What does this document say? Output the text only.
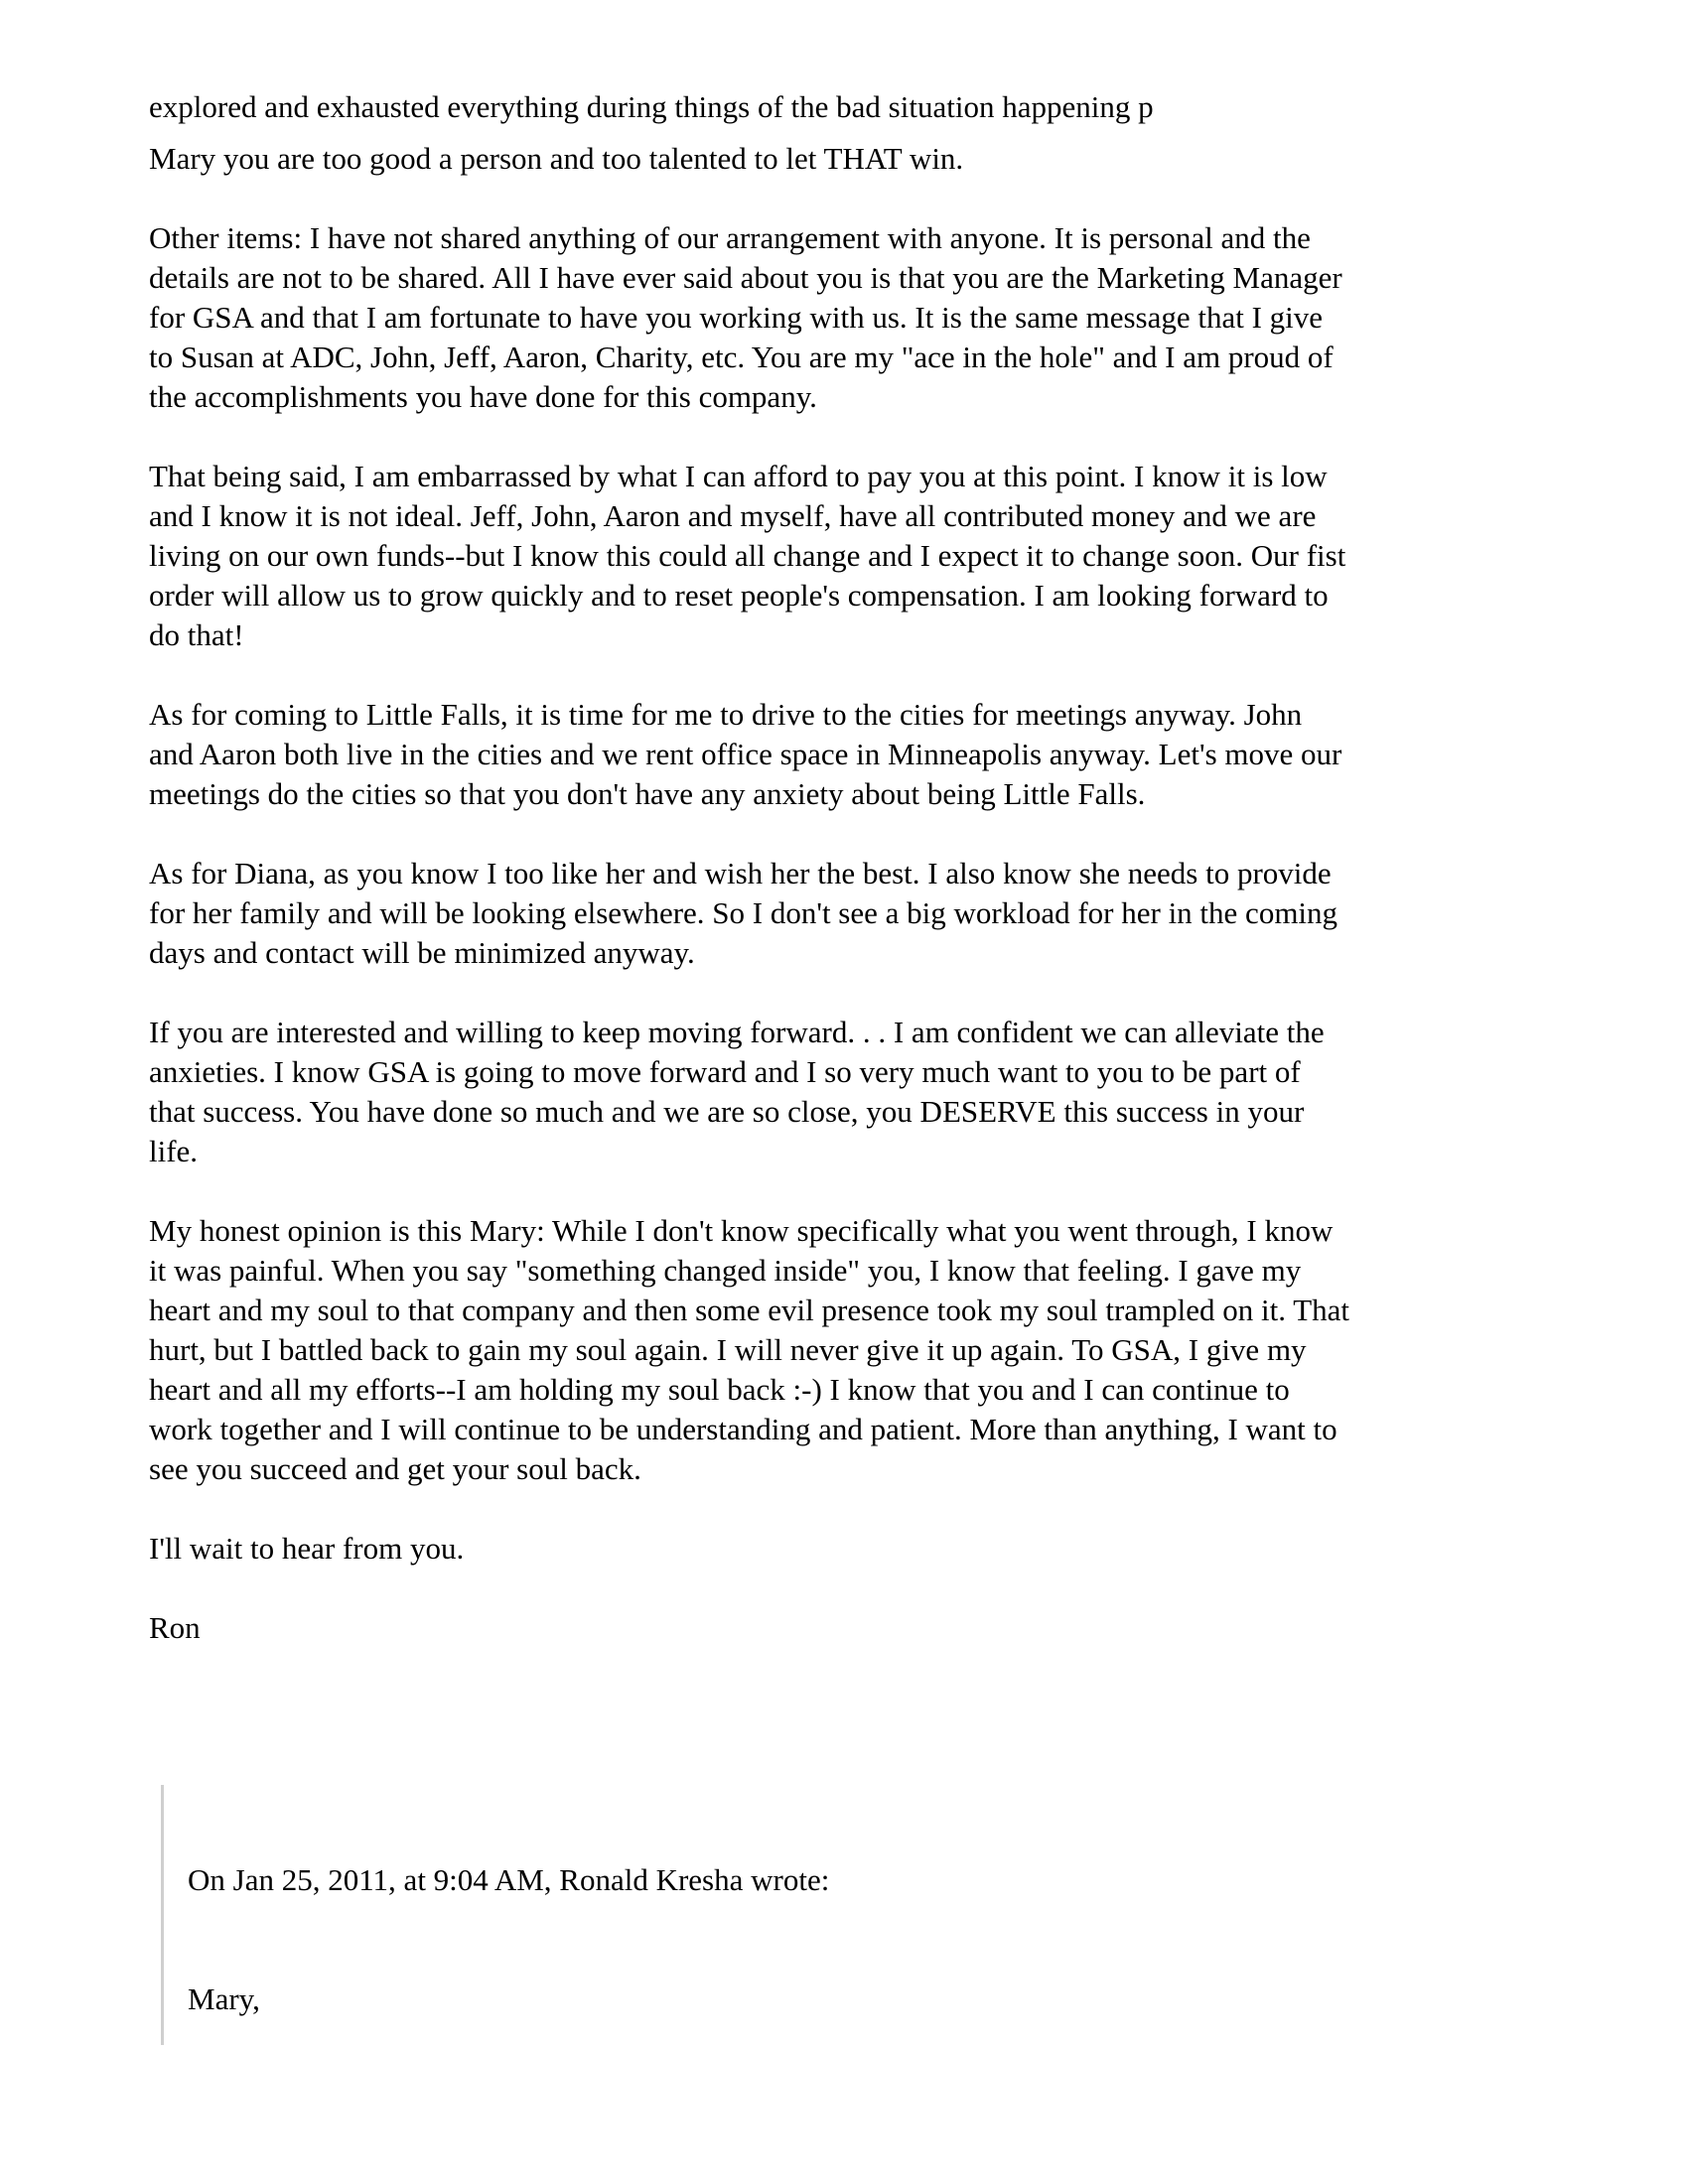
explored and exhausted everything during things of the bad situation happening p

Mary you are too good a person and too talented to let THAT win.

Other items: I have not shared anything of our arrangement with anyone. It is personal and the
details are not to be shared. All I have ever said about you is that you are the Marketing Manager
for GSA and that I am fortunate to have you working with us. It is the same message that I give
to Susan at ADC, John, Jeff, Aaron, Charity, etc. You are my "ace in the hole" and I am proud of
the accomplishments you have done for this company.

That being said, I am embarrassed by what I can afford to pay you at this point. I know it is low
and I know it is not ideal. Jeff, John, Aaron and myself, have all contributed money and we are
living on our own funds--but I know this could all change and I expect it to change soon. Our fist
order will allow us to grow quickly and to reset people's compensation. I am looking forward to
do that!

As for coming to Little Falls, it is time for me to drive to the cities for meetings anyway. John
and Aaron both live in the cities and we rent office space in Minneapolis anyway. Let's move our
meetings do the cities so that you don't have any anxiety about being Little Falls.

As for Diana, as you know I too like her and wish her the best. I also know she needs to provide
for her family and will be looking elsewhere. So I don't see a big workload for her in the coming
days and contact will be minimized anyway.

If you are interested and willing to keep moving forward. . . I am confident we can alleviate the
anxieties. I know GSA is going to move forward and I so very much want to you to be part of
that success. You have done so much and we are so close, you DESERVE this success in your
life.

My honest opinion is this Mary: While I don't know specifically what you went through, I know
it was painful. When you say "something changed inside" you, I know that feeling. I gave my
heart and my soul to that company and then some evil presence took my soul trampled on it. That
hurt, but I battled back to gain my soul again. I will never give it up again. To GSA, I give my
heart and all my efforts--I am holding my soul back :-) I know that you and I can continue to
work together and I will continue to be understanding and patient. More than anything, I want to
see you succeed and get your soul back.

I'll wait to hear from you.

Ron

On Jan 25, 2011, at 9:04 AM, Ronald Kresha wrote:

Mary,
